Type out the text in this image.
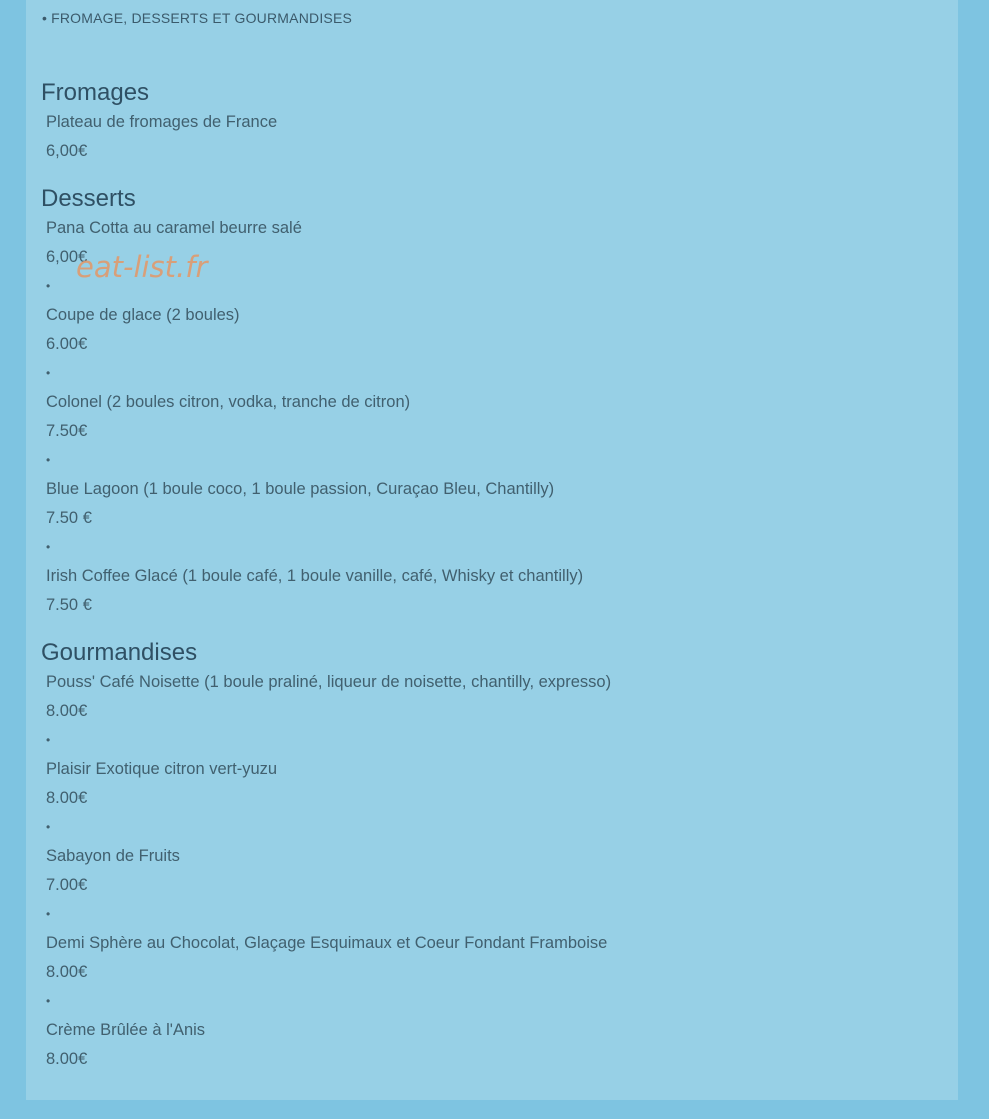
• FROMAGE, DESSERTS ET GOURMANDISES
Fromages
Plateau de fromages de France
6,00€
Desserts
Pana Cotta au caramel beurre salé
6,00€
•
Coupe de glace (2 boules)
6.00€
•
Colonel (2 boules citron, vodka, tranche de citron)
7.50€
•
Blue Lagoon (1 boule coco, 1 boule passion, Curaçao Bleu, Chantilly)
7.50 €
•
Irish Coffee Glacé (1 boule café, 1 boule vanille, café, Whisky et chantilly)
7.50 €
Gourmandises
Pouss' Café Noisette (1 boule praliné, liqueur de noisette, chantilly, expresso)
8.00€
•
Plaisir Exotique citron vert-yuzu
8.00€
•
Sabayon de Fruits
7.00€
•
Demi Sphère au Chocolat, Glaçage Esquimaux et Coeur Fondant Framboise
8.00€
•
Crème Brûlée à l'Anis
8.00€
eat-list.fr
